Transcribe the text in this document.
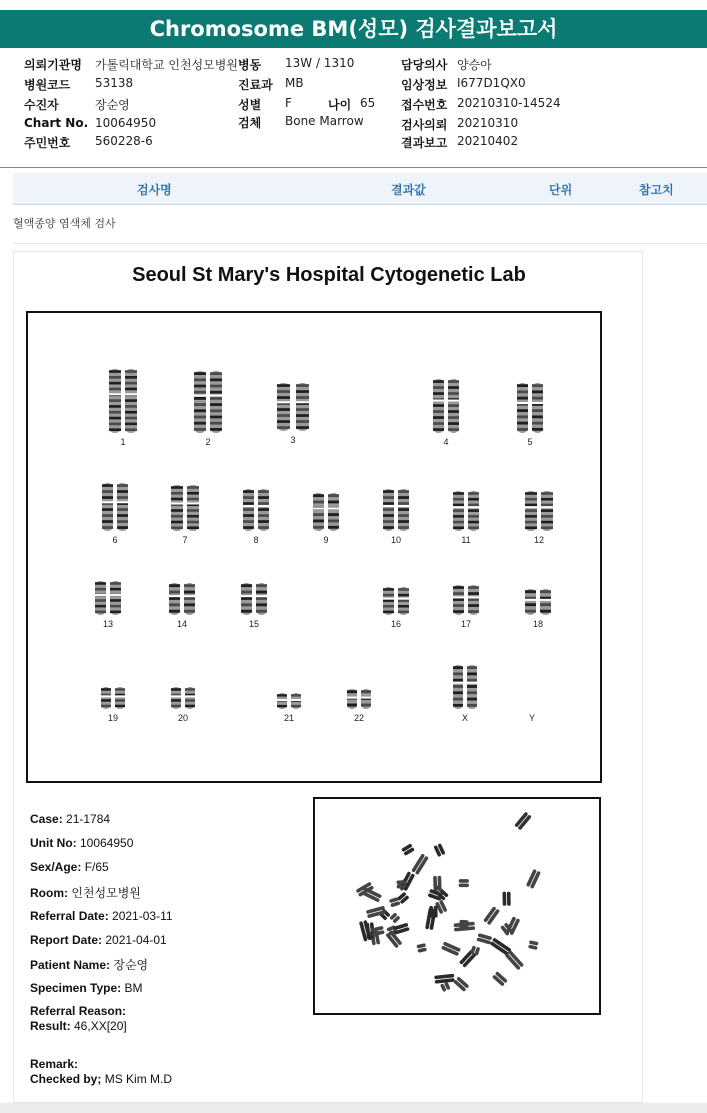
Chromosome BM(성모) 검사결과보고서
의뢰기관명 가톨릭대학교 인천성모병원
병원코드 53138
수진자	장순영
Chart No. 10064950
주민번호 560228-6
병동 13W / 1310
진료과 MB
성별 F	나이 65
검체 Bone Marrow
담당의사 양승아
임상정보 I677D1QX0
접수번호 20210310-14524
검사의뢰 20210310
결과보고 20210402
검사명	결과값	단위	참고치
혈액종양 염색체 검사
Seoul St Mary's Hospital Cytogenetic Lab
1	2	3	4	5
6	7	8	9	10	11	12
13	14	15	16	17	18
19	20	21	22	X	Y
Case: 21-1784
Unit No: 10064950
Sex/Age: F/65
Room: 인천성모병원
Referral Date: 2021-03-11
Report Date: 2021-04-01
Patient Name: 장순영
Specimen Type: BM
Referral Reason:
Result: 46,XX[20]
Remark:
Checked by; MS Kim M.D
